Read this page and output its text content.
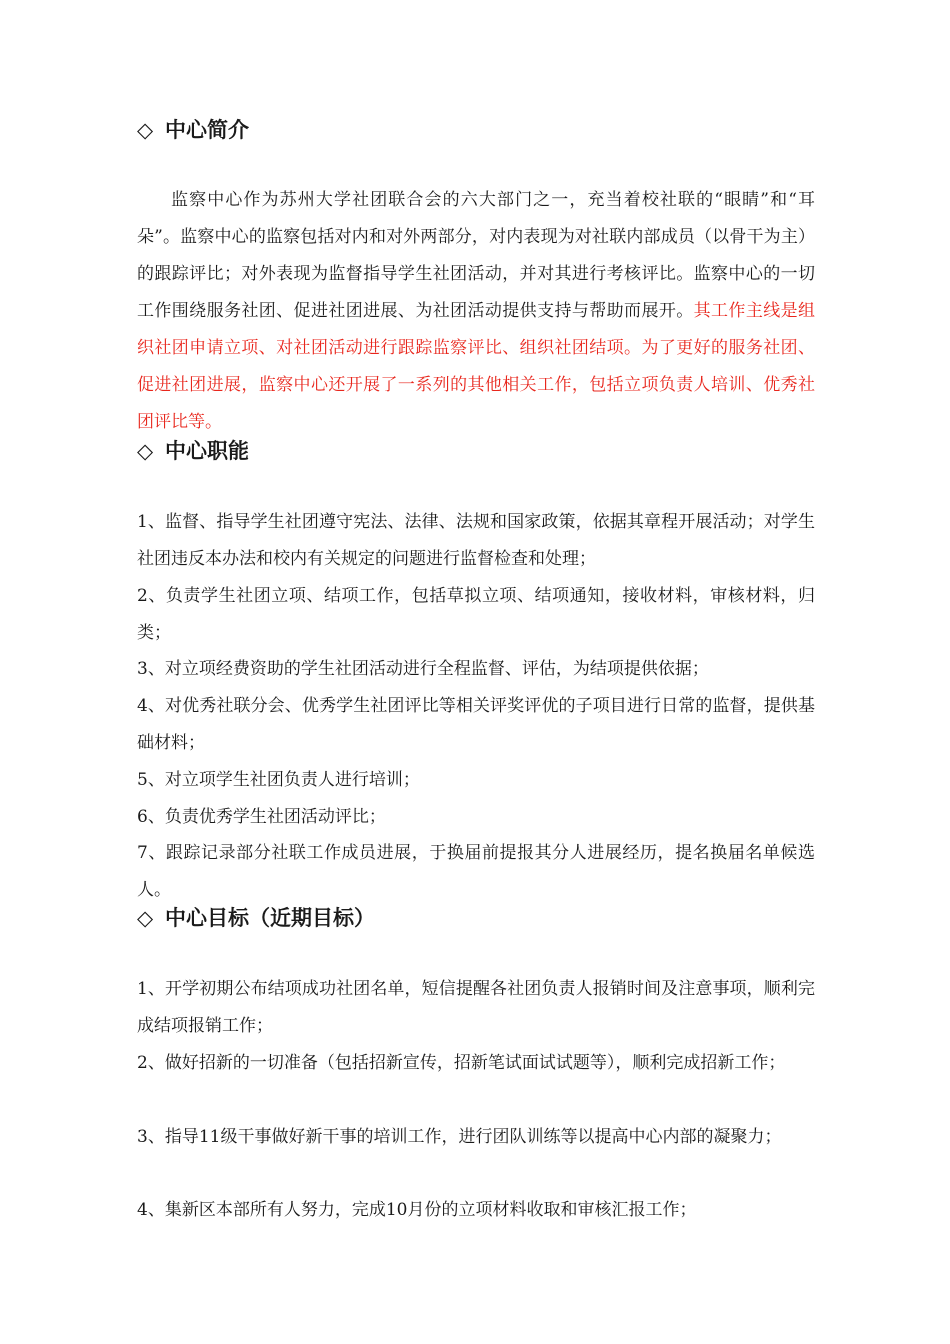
◇ 中心简介
监察中心作为苏州大学社团联合会的六大部门之一，充当着校社联的“眼睛”和“耳朵”。监察中心的监察包括对内和对外两部分，对内表现为对社联内部成员（以骨干为主）的跟踪评比；对外表现为监督指导学生社团活动，并对其进行考核评比。监察中心的一切工作围绕服务社团、促进社团进展、为社团活动提供支持与帮助而展开。其工作主线是组织社团申请立项、对社团活动进行跟踪监察评比、组织社团结项。为了更好的服务社团、促进社团进展，监察中心还开展了一系列的其他相关工作，包括立项负责人培训、优秀社团评比等。
◇ 中心职能
1、监督、指导学生社团遵守宪法、法律、法规和国家政策，依据其章程开展活动；对学生社团违反本办法和校内有关规定的问题进行监督检查和处理；
2、负责学生社团立项、结项工作，包括草拟立项、结项通知，接收材料，审核材料，归类；
3、对立项经费资助的学生社团活动进行全程监督、评估，为结项提供依据；
4、对优秀社联分会、优秀学生社团评比等相关评奖评优的子项目进行日常的监督，提供基础材料；
5、对立项学生社团负责人进行培训；
6、负责优秀学生社团活动评比；
7、跟踪记录部分社联工作成员进展，于换届前提报其分人进展经历，提名换届名单候选人。
◇ 中心目标（近期目标）
1、开学初期公布结项成功社团名单，短信提醒各社团负责人报销时间及注意事项，顺利完成结项报销工作；
2、做好招新的一切准备（包括招新宣传，招新笔试面试试题等），顺利完成招新工作；
3、指导11级干事做好新干事的培训工作，进行团队训练等以提高中心内部的凝聚力；
4、集新区本部所有人努力，完成10月份的立项材料收取和审核汇报工作；
